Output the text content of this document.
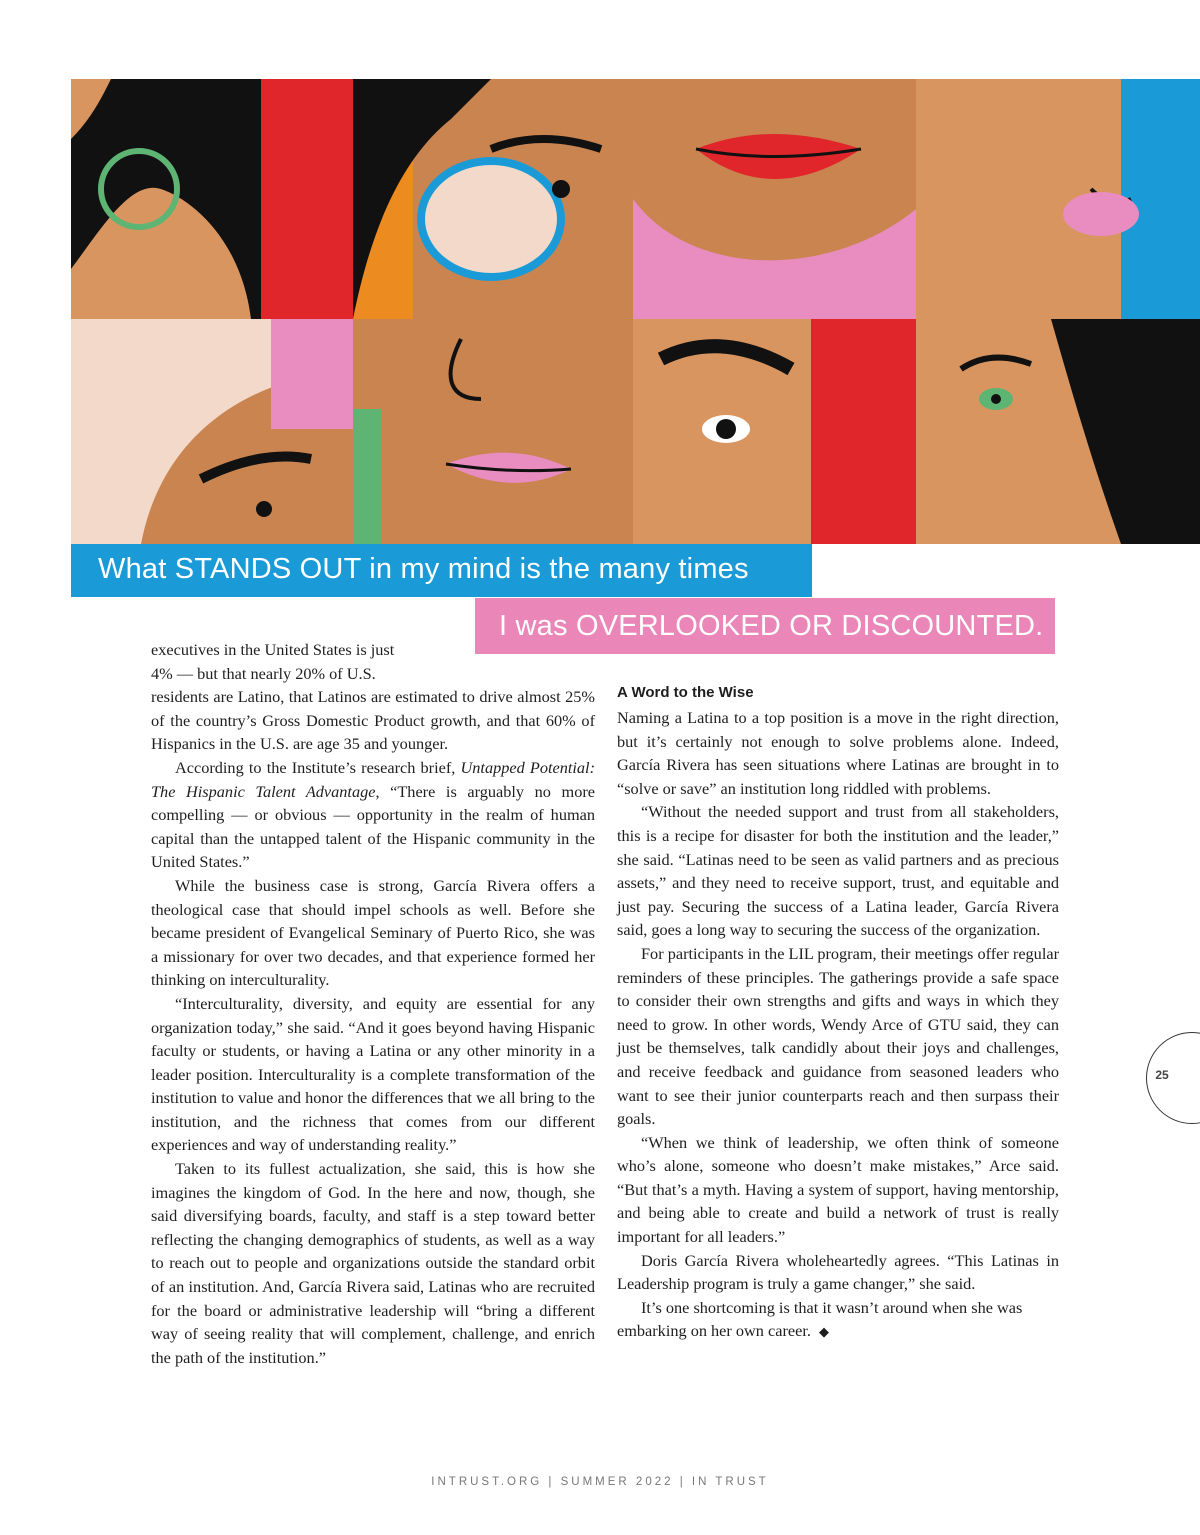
What STANDS OUT in my mind is the many times
I was OVERLOOKED OR DISCOUNTED.

executives in the United States is just

4% — but that nearly 20% of U.S.

residents are Latino, that Latinos are estimated to drive almost 25% of the country’s Gross Domestic Product growth, and that 60% of Hispanics in the U.S. are age 35 and younger.

According to the Institute’s research brief, Untapped Potential: The Hispanic Talent Advantage, “There is arguably no more compelling — or obvious — opportunity in the realm of human capital than the untapped talent of the Hispanic community in the United States.”

While the business case is strong, García Rivera offers a theological case that should impel schools as well. Before she became president of Evangelical Seminary of Puerto Rico, she was a missionary for over two decades, and that experience formed her thinking on interculturality.

“Interculturality, diversity, and equity are essential for any organization today,” she said. “And it goes beyond having Hispanic faculty or students, or having a Latina or any other minority in a leader position. Interculturality is a complete transformation of the institution to value and honor the differences that we all bring to the institution, and the richness that comes from our different experiences and way of understanding reality.”

Taken to its fullest actualization, she said, this is how she imagines the kingdom of God. In the here and now, though, she said diversifying boards, faculty, and staff is a step toward better reflecting the changing demographics of students, as well as a way to reach out to people and organizations outside the standard orbit of an institution. And, García Rivera said, Latinas who are recruited for the board or administrative leadership will “bring a different way of seeing reality that will complement, challenge, and enrich the path of the institution.”

A Word to the Wise

Naming a Latina to a top position is a move in the right direction, but it’s certainly not enough to solve problems alone. Indeed, García Rivera has seen situations where Latinas are brought in to “solve or save” an institution long riddled with problems.

“Without the needed support and trust from all stakeholders, this is a recipe for disaster for both the institution and the leader,” she said. “Latinas need to be seen as valid partners and as precious assets,” and they need to receive support, trust, and equitable and just pay. Securing the success of a Latina leader, García Rivera said, goes a long way to securing the success of the organization.

For participants in the LIL program, their meetings offer regular reminders of these principles. The gatherings provide a safe space to consider their own strengths and gifts and ways in which they need to grow. In other words, Wendy Arce of GTU said, they can just be themselves, talk candidly about their joys and challenges, and receive feedback and guidance from seasoned leaders who want to see their junior counterparts reach and then surpass their goals.

“When we think of leadership, we often think of someone who’s alone, someone who doesn’t make mistakes,” Arce said. “But that’s a myth. Having a system of support, having mentorship, and being able to create and build a network of trust is really important for all leaders.”

Doris García Rivera wholeheartedly agrees. “This Latinas in Leadership program is truly a game changer,” she said.

It’s one shortcoming is that it wasn’t around when she was embarking on her own career. ◆

25
INTRUST.ORG | SUMMER 2022 | IN TRUST
